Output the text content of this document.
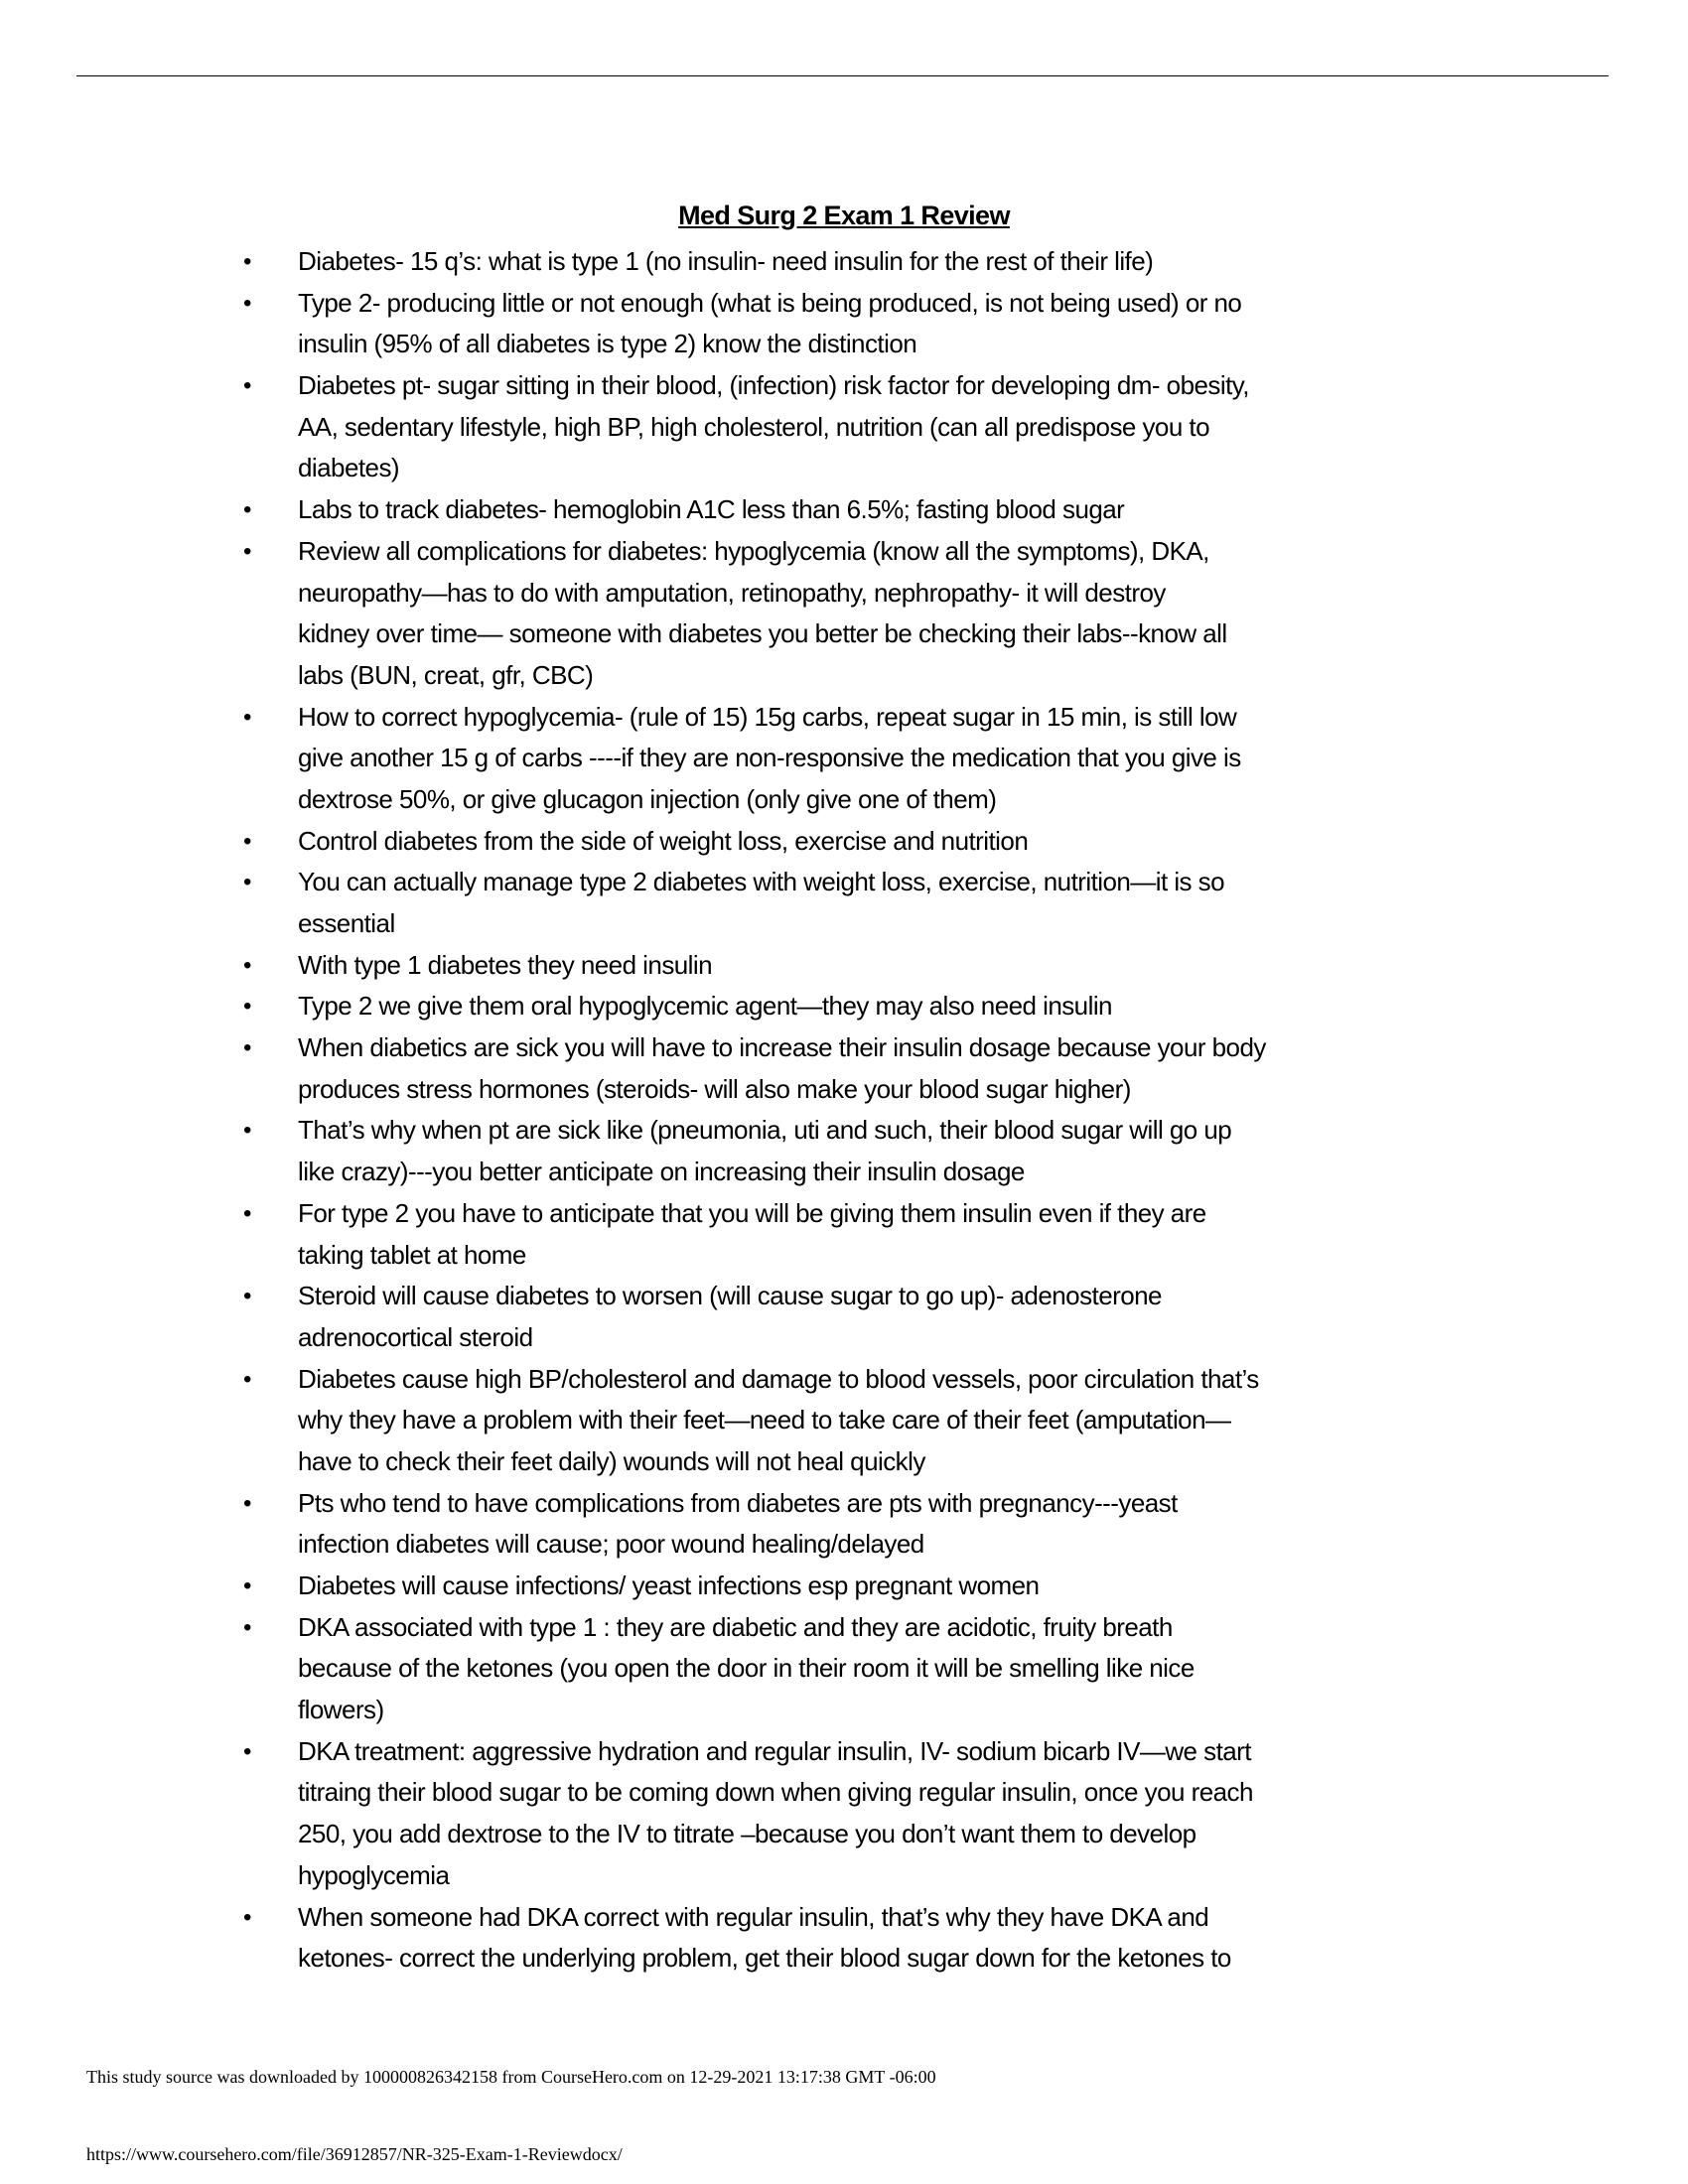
Med Surg 2 Exam 1 Review
•	Diabetes- 15 q’s: what is type 1 (no insulin- need insulin for the rest of their life)
•	Type 2- producing little or not enough (what is being produced, is not being used) or no
insulin (95% of all diabetes is type 2) know the distinction
•	Diabetes pt- sugar sitting in their blood, (infection) risk factor for developing dm- obesity,
AA, sedentary lifestyle, high BP, high cholesterol, nutrition (can all predispose you to
diabetes)
•	Labs to track diabetes- hemoglobin A1C less than 6.5%; fasting blood sugar
•	Review all complications for diabetes: hypoglycemia (know all the symptoms), DKA,
neuropathy—has to do with amputation, retinopathy, nephropathy- it will destroy
kidney over time— someone with diabetes you better be checking their labs--know all
labs (BUN, creat, gfr, CBC)
•	How to correct hypoglycemia- (rule of 15) 15g carbs, repeat sugar in 15 min, is still low
give another 15 g of carbs ----if they are non-responsive the medication that you give is
dextrose 50%, or give glucagon injection (only give one of them)
•	Control diabetes from the side of weight loss, exercise and nutrition
•	You can actually manage type 2 diabetes with weight loss, exercise, nutrition—it is so
essential
•	With type 1 diabetes they need insulin
•	Type 2 we give them oral hypoglycemic agent—they may also need insulin
•	When diabetics are sick you will have to increase their insulin dosage because your body
produces stress hormones (steroids- will also make your blood sugar higher)
•	That’s why when pt are sick like (pneumonia, uti and such, their blood sugar will go up
like crazy)---you better anticipate on increasing their insulin dosage
•	For type 2 you have to anticipate that you will be giving them insulin even if they are
taking tablet at home
•	Steroid will cause diabetes to worsen (will cause sugar to go up)- adenosterone
adrenocortical steroid
•	Diabetes cause high BP/cholesterol and damage to blood vessels, poor circulation that’s
why they have a problem with their feet—need to take care of their feet (amputation—
have to check their feet daily) wounds will not heal quickly
•	Pts who tend to have complications from diabetes are pts with pregnancy---yeast
infection diabetes will cause; poor wound healing/delayed
•	Diabetes will cause infections/ yeast infections esp pregnant women
•	DKA associated with type 1 : they are diabetic and they are acidotic, fruity breath
because of the ketones (you open the door in their room it will be smelling like nice
flowers)
•	DKA treatment: aggressive hydration and regular insulin, IV- sodium bicarb IV—we start
titraing their blood sugar to be coming down when giving regular insulin, once you reach
250, you add dextrose to the IV to titrate –because you don’t want them to develop
hypoglycemia
•	When someone had DKA correct with regular insulin, that’s why they have DKA and
ketones- correct the underlying problem, get their blood sugar down for the ketones to
This study source was downloaded by 100000826342158 from CourseHero.com on 12-29-2021 13:17:38 GMT -06:00
https://www.coursehero.com/file/36912857/NR-325-Exam-1-Reviewdocx/
